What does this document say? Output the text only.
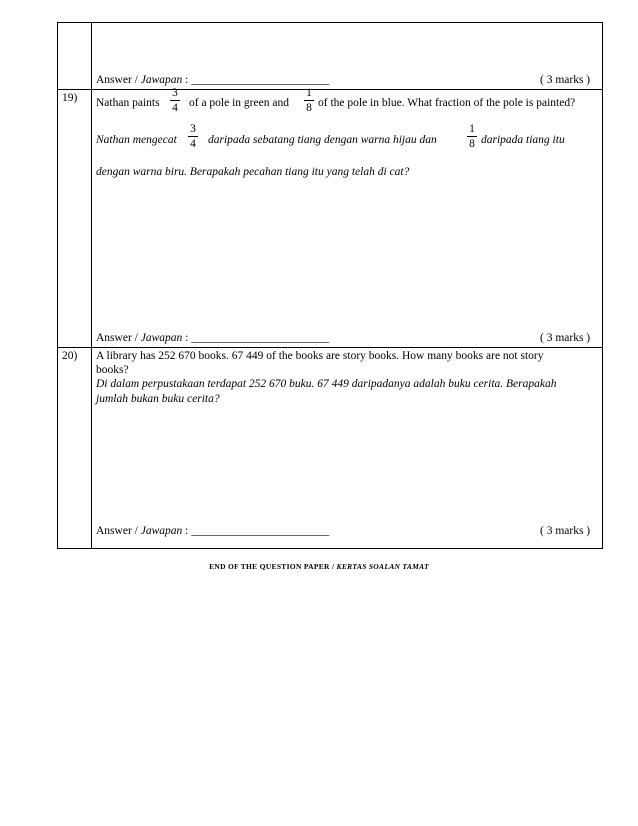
Answer / Jawapan : ________________________	( 3 marks )
19) Nathan paints
3
4 of a pole in green and
1
8 of the pole in blue. What fraction of the pole is painted?
Nathan mengecat
3
4 daripada sebatang tiang dengan warna hijau dan
1
8 daripada tiang itu
dengan warna biru. Berapakah pecahan tiang itu yang telah di cat?
Answer / Jawapan : ________________________	( 3 marks )
20) A library has 252 670 books. 67 449 of the books are story books. How many books are not story
books?
Di dalam perpustakaan terdapat 252 670 buku. 67 449 daripadanya adalah buku cerita. Berapakah
jumlah bukan buku cerita?
Answer / Jawapan : ________________________	( 3 marks )
END OF THE QUESTION PAPER / KERTAS SOALAN TAMAT
